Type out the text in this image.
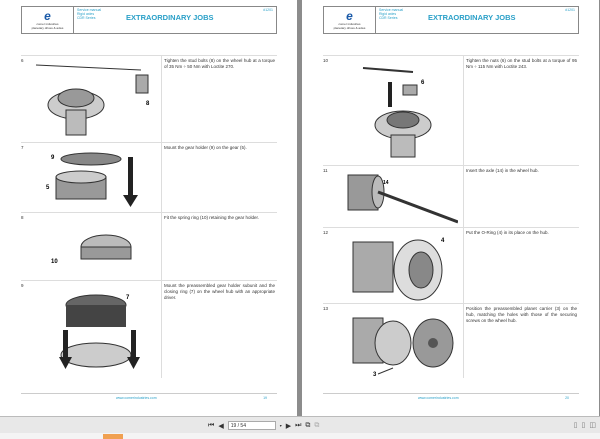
e
comer industries
planetary drives & axles
Service manual
Rigid axles
CDR Series	EXTRAORDINARY JOBS
#1201
6
8
Tighten the stud bolts (8) on the wheel hub at a torque of 35 Nm ÷ 50 Nm with Loctite 270.
7
9
5
Mount the gear holder (9) on the gear (5).
8
10
Fit the spring ring (10) retaining the gear holder.
9
7
Mount the preassembled gear holder subunit and the closing ring (7) on the wheel hub with an appropriate driver.
www.comerindustries.com	19
e
comer industries
planetary drives & axles
Service manual
Rigid axles
CDR Series	EXTRAORDINARY JOBS
#1201
10
6
Tighten the nuts (6) on the stud bolts at a torque of 95 Nm ÷ 115 Nm with Loctite 243.
11
14
Insert the axle (14) in the wheel hub.
12
4
Put the O-Ring (4) in its place on the hub.
13
3
Position the preassembled planet carrier (3) on the hub, matching the holes with those of the securing screws on the wheel hub.
www.comerindustries.com	20
⏮ ◀	19 / 54	▾ ▶ ⏭ ⧉ ⧉	▯ ▯ ◫
